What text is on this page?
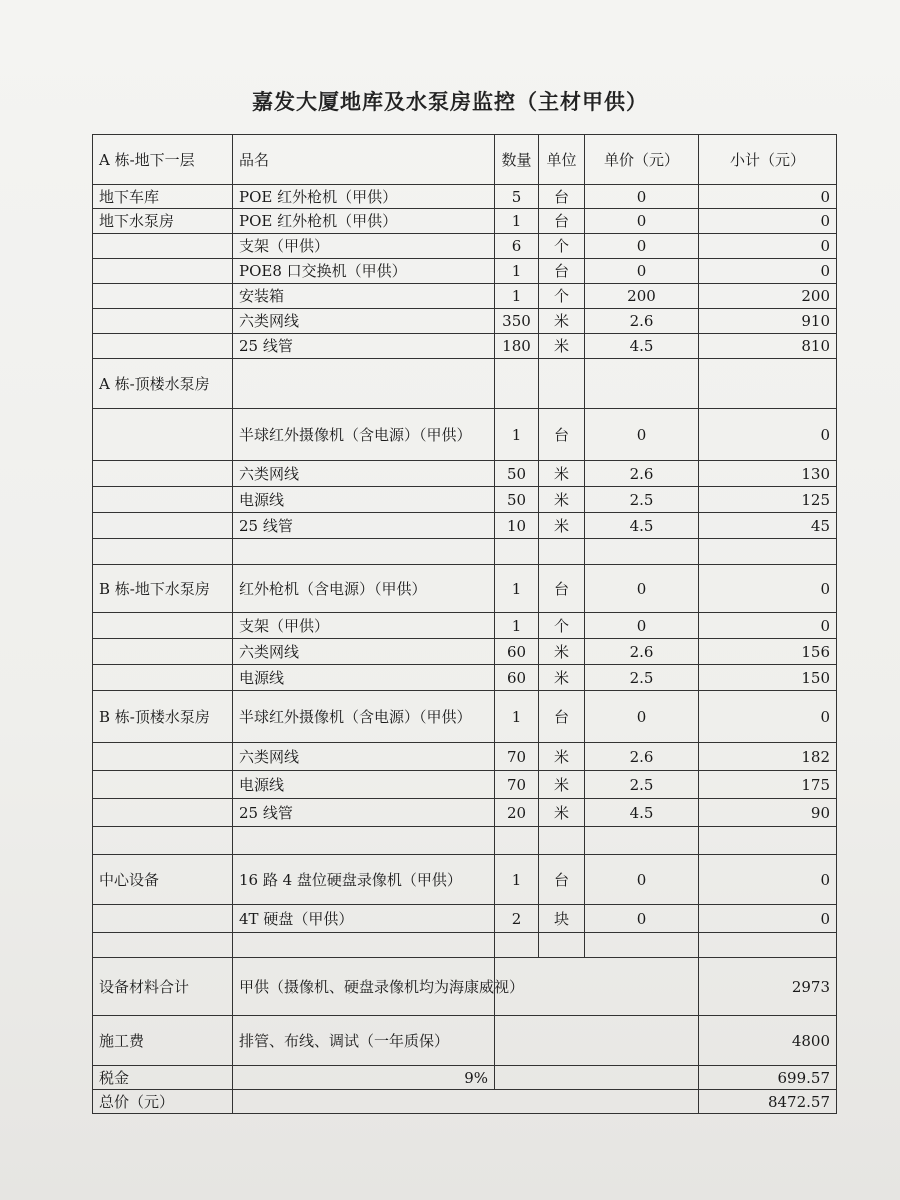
嘉发大厦地库及水泵房监控（主材甲供）
A 栋-地下一层	品名	数量	单位	单价（元）	小计（元）
地下车库	POE 红外枪机（甲供）	5	台	0	0
地下水泵房	POE 红外枪机（甲供）	1	台	0	0
	支架（甲供）	6	个	0	0
	POE8 口交换机（甲供）	1	台	0	0
	安装箱	1	个	200	200
	六类网线	350	米	2.6	910
	25 线管	180	米	4.5	810
A 栋-顶楼水泵房					
	半球红外摄像机（含电源）（甲供）	1	台	0	0
	六类网线	50	米	2.6	130
	电源线	50	米	2.5	125
	25 线管	10	米	4.5	45

B 栋-地下水泵房	红外枪机（含电源）（甲供）	1	台	0	0
	支架（甲供）	1	个	0	0
	六类网线	60	米	2.6	156
	电源线	60	米	2.5	150
B 栋-顶楼水泵房	半球红外摄像机（含电源）（甲供）	1	台	0	0
	六类网线	70	米	2.6	182
	电源线	70	米	2.5	175
	25 线管	20	米	4.5	90

中心设备	16 路 4 盘位硬盘录像机（甲供）	1	台	0	0
	4T 硬盘（甲供）	2	块	0	0

设备材料合计	甲供（摄像机、硬盘录像机均为海康威视）				2973
施工费	排管、布线、调试（一年质保）				4800
税金	9%				699.57
总价（元）					8472.57
